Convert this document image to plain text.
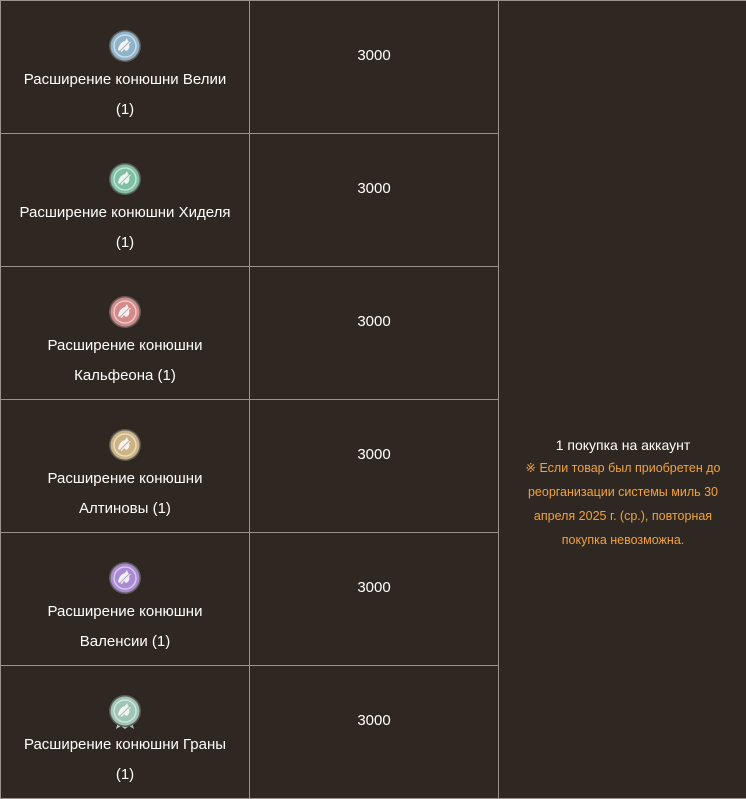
Расширение конюшни Велии (1)	3000	1 покупка на аккаунт
※ Если товар был приобретен до реорганизации системы миль 30 апреля 2025 г. (ср.), повторная покупка невозможна.

Расширение конюшни Хиделя (1)	3000	

Расширение конюшни Кальфеона (1)	3000	

Расширение конюшни Алтиновы (1)	3000	

Расширение конюшни Валенсии (1)	3000	

Расширение конюшни Граны (1)	3000	
